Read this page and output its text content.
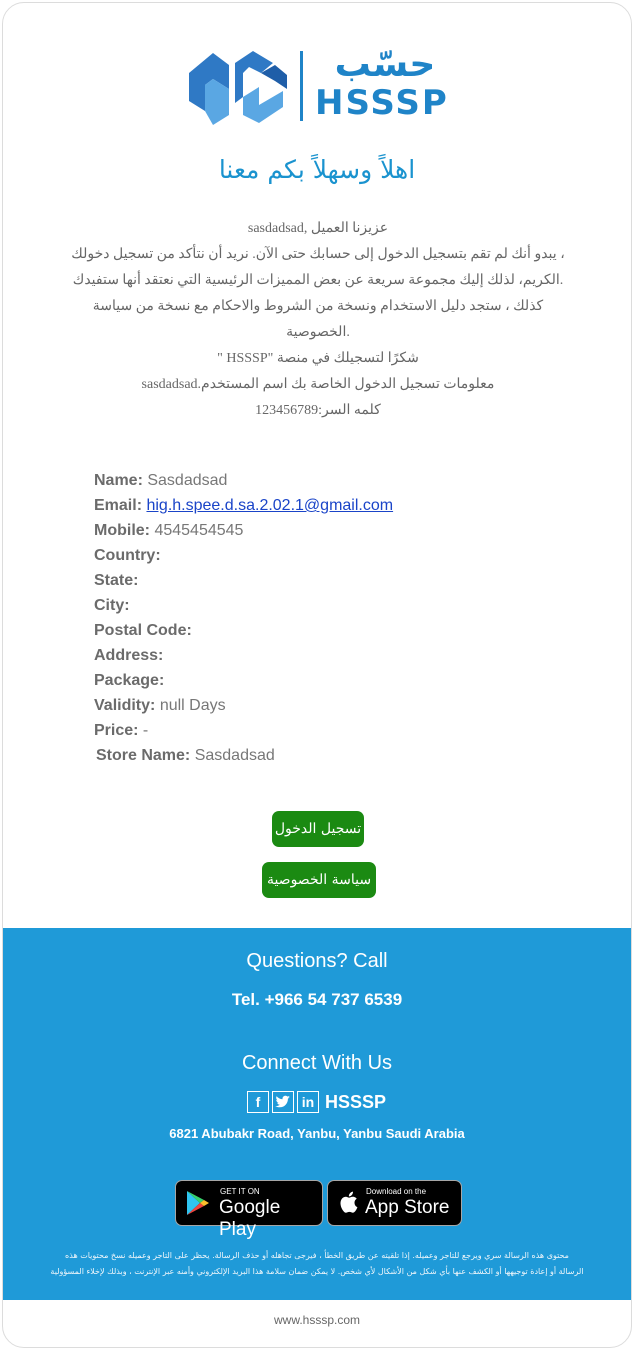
حسّب
HSSSP
اهلاً وسهلاً بكم معنا
sasdadsad, عزيزنا العميل
يبدو أنك لم تقم بتسجيل الدخول إلى حسابك حتى الآن. نريد أن نتأكد من تسجيل دخولك ،
الكريم، لذلك إليك مجموعة سريعة عن بعض المميزات الرئيسية التي نعتقد أنها ستفيدك.
كذلك ، ستجد دليل الاستخدام ونسخة من الشروط والاحكام مع نسخة من سياسة
الخصوصية.
" HSSSP" شكرًا لتسجيلك في منصة
sasdadsad.معلومات تسجيل الدخول الخاصة بك اسم المستخدم
123456789:كلمه السر
Name: Sasdadsad
Email: hig.h.spee.d.sa.2.02.1@gmail.com
Mobile: 4545454545
Country:
State:
City:
Postal Code:
Address:
Package:
Validity: null Days
Price: -
Store Name: Sasdadsad
تسجيل الدخول
سياسة الخصوصية
Questions? Call
Tel. +966 54 737 6539
Connect With Us
f	in HSSSP
6821 Abubakr Road, Yanbu, Yanbu Saudi Arabia
GET IT ON
Google Play
Download on the
App Store
محتوى هذه الرسالة سري ويرجع للتاجر وعميله. إذا تلقيته عن طريق الخطأ ، فيرجى تجاهله أو حذف الرسالة. يحظر على التاجر وعميله نسخ محتويات هذه
الرسالة أو إعادة توجيهها أو الكشف عنها بأي شكل من الأشكال لأي شخص. لا يمكن ضمان سلامة هذا البريد الإلكتروني وأمنه عبر الإنترنت ، وبذلك لإخلاء المسؤولية
www.hsssp.com
